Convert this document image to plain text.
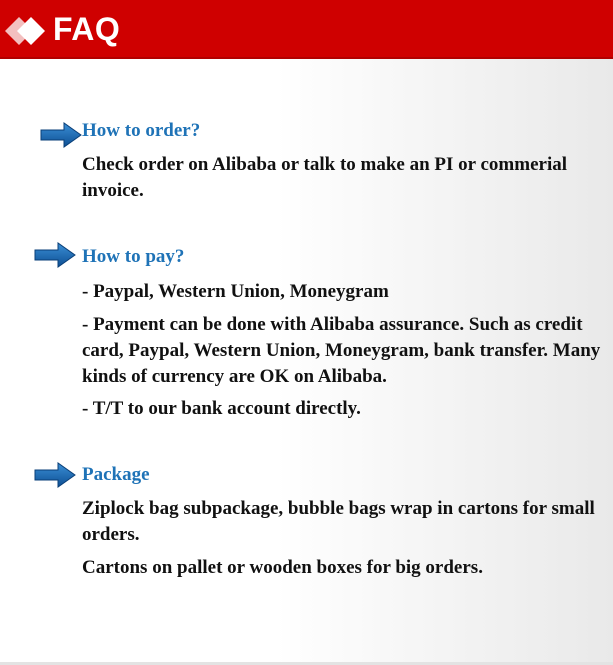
FAQ
How to order?

Check order on Alibaba or talk to make an PI or commerial invoice.

How to pay?

- Paypal, Western Union, Moneygram

- Payment can be done with Alibaba assurance. Such as credit card, Paypal, Western Union, Moneygram, bank transfer. Many kinds of currency are OK on Alibaba.

- T/T to our bank account directly.

Package

Ziplock bag subpackage, bubble bags wrap in cartons for small orders.

Cartons on pallet or wooden boxes for big orders.
